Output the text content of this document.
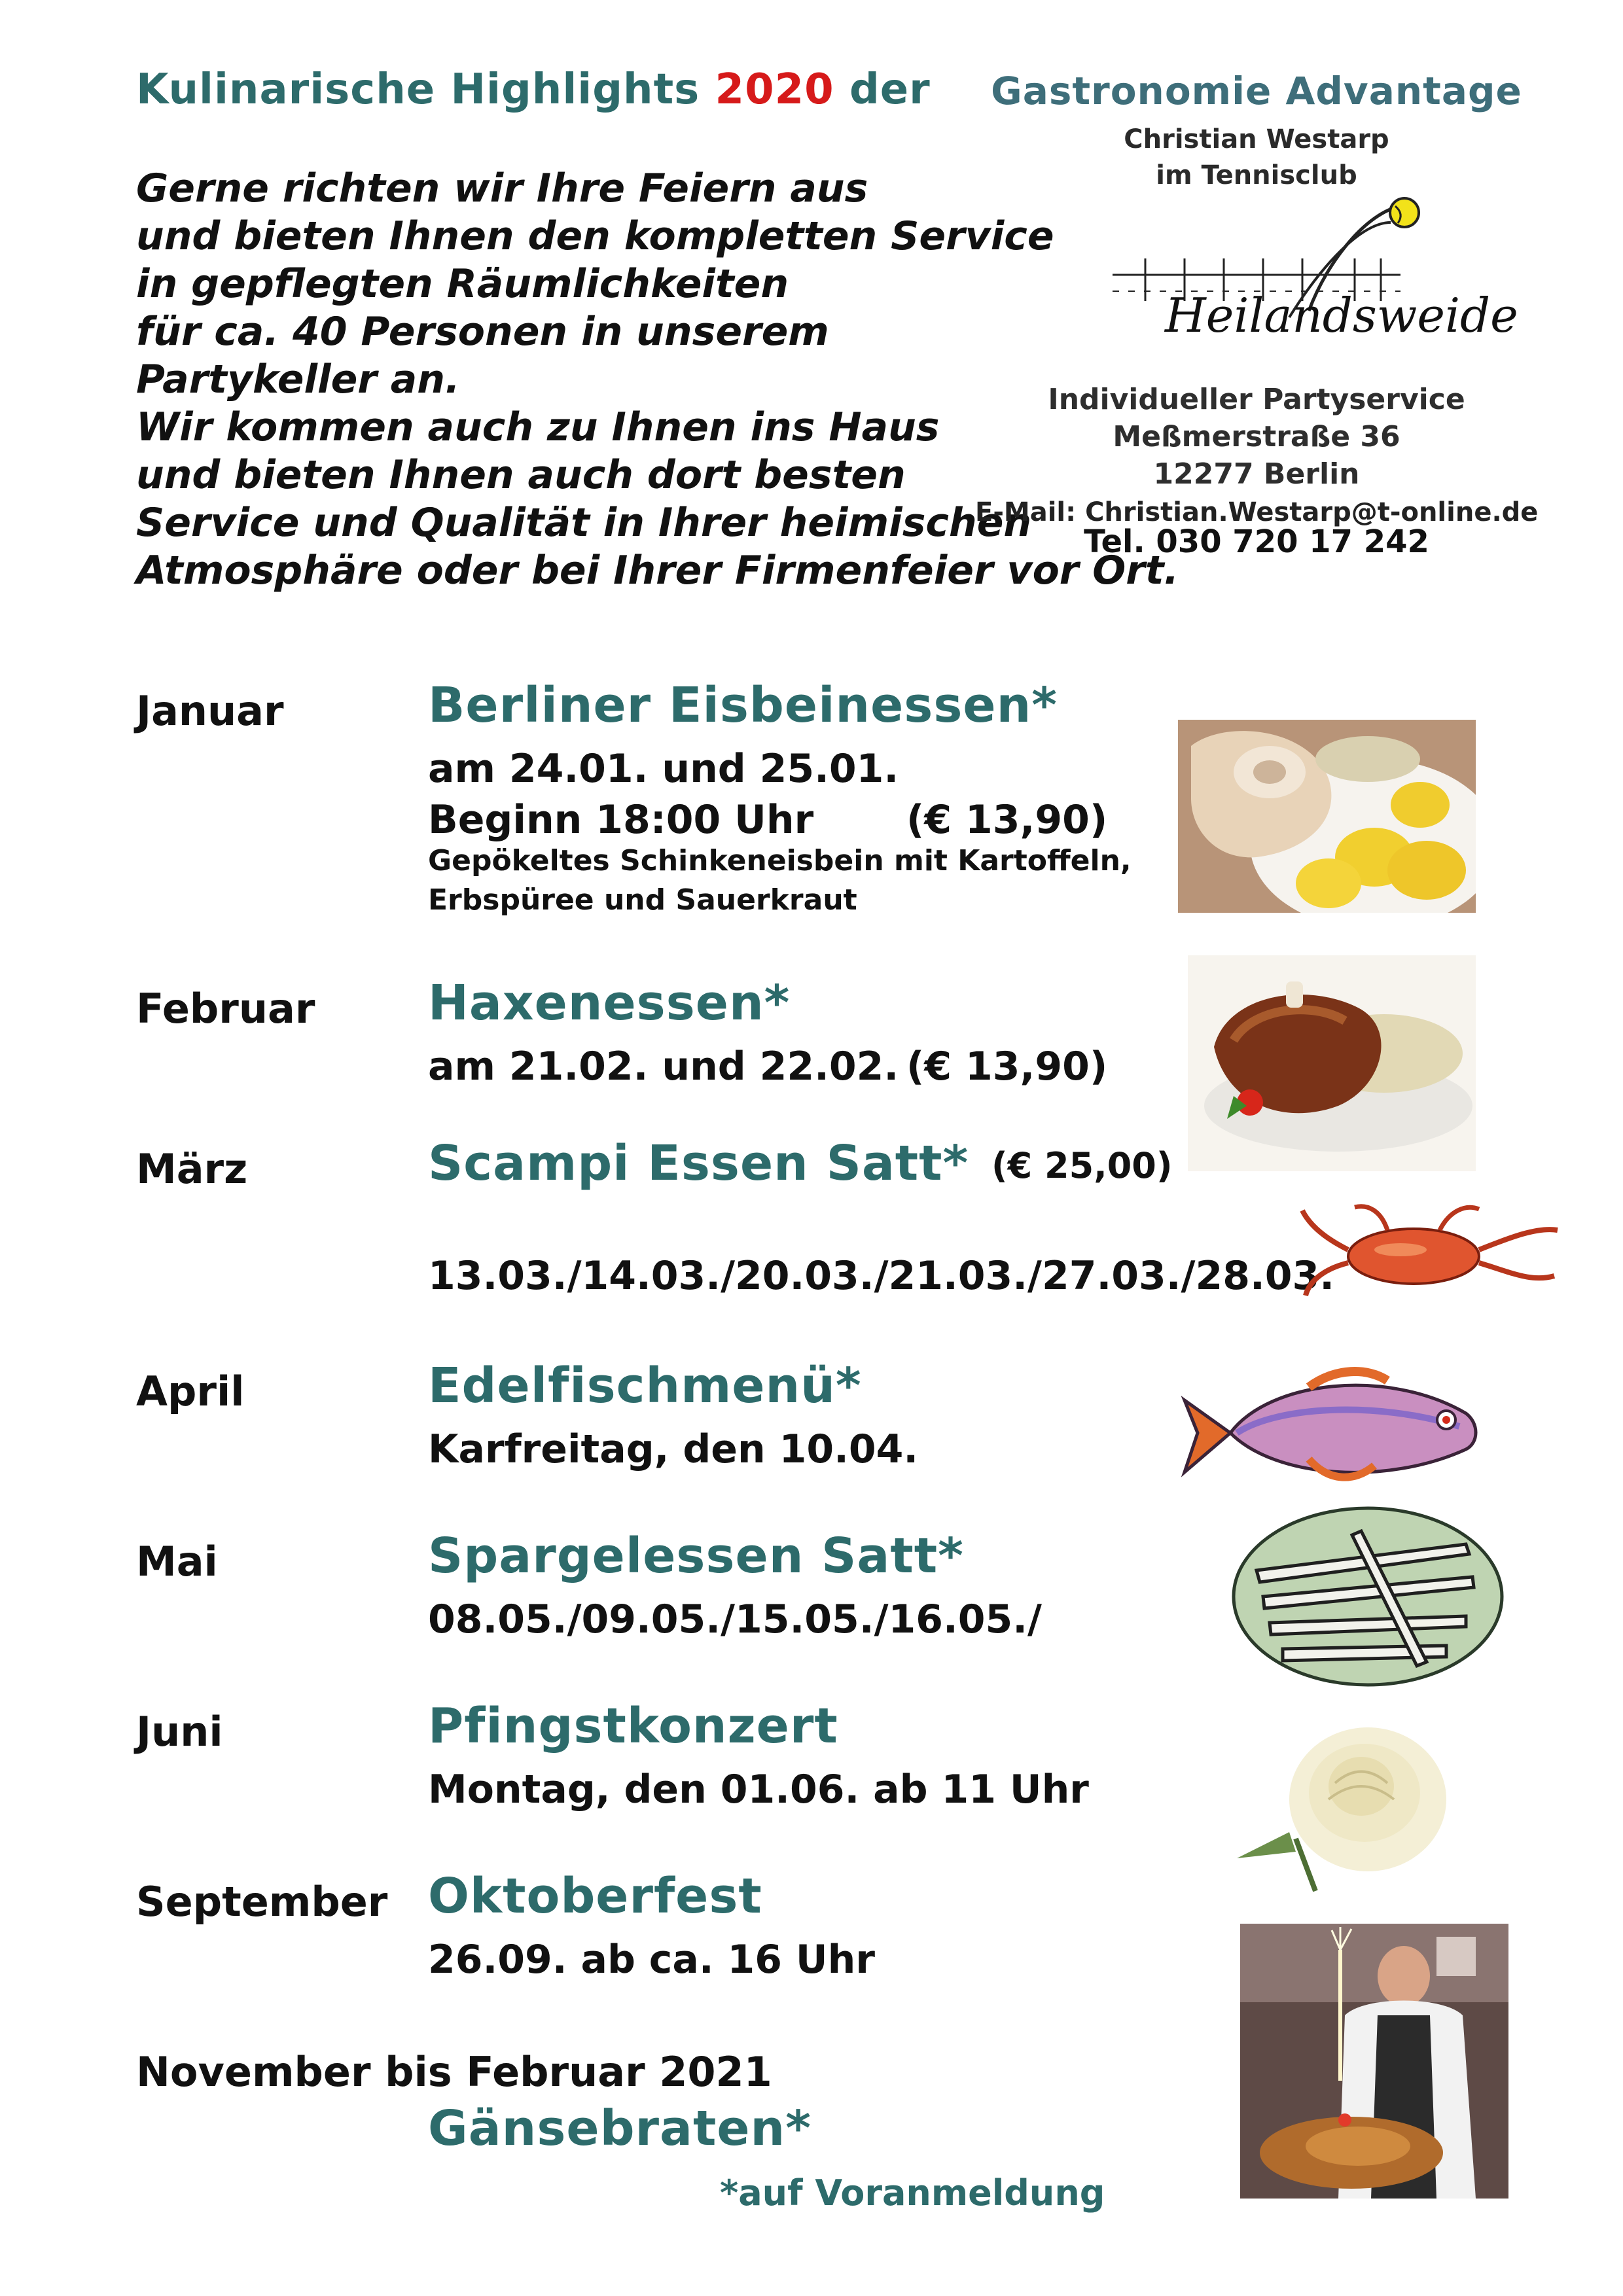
Kulinarische Highlights 2020 der
Gerne richten wir Ihre Feiern aus
und bieten Ihnen den kompletten Service
in gepflegten Räumlichkeiten
für ca. 40 Personen in unserem
Partykeller an.
Wir kommen auch zu Ihnen ins Haus
und bieten Ihnen auch dort besten
Service und Qualität in Ihrer heimischen
Atmosphäre oder bei Ihrer Firmenfeier vor Ort.
Gastronomie Advantage
Christian Westarp
im Tennisclub
Heilandsweide
Individueller Partyservice
Meßmerstraße 36
12277 Berlin
Tel. 030 720 17 242
E-Mail: Christian.Westarp@t-online.de
Januar	Berliner Eisbeinessen*
am 24.01. und 25.01.
Beginn 18:00 Uhr (€ 13,90)
Gepökeltes Schinkeneisbein mit Kartoffeln,
Erbspüree und Sauerkraut
Februar Haxenessen*
am 21.02. und 22.02. (€ 13,90)
März	Scampi Essen Satt* (€ 25,00)
13.03./14.03./20.03./21.03./27.03./28.03.
April	Edelfischmenü*
Karfreitag, den 10.04.
Mai	Spargelessen Satt*
08.05./09.05./15.05./16.05./
Juni	Pfingstkonzert
Montag, den 01.06. ab 11 Uhr
September Oktoberfest
26.09. ab ca. 16 Uhr
November bis Februar 2021
Gänsebraten*
*auf Voranmeldung
